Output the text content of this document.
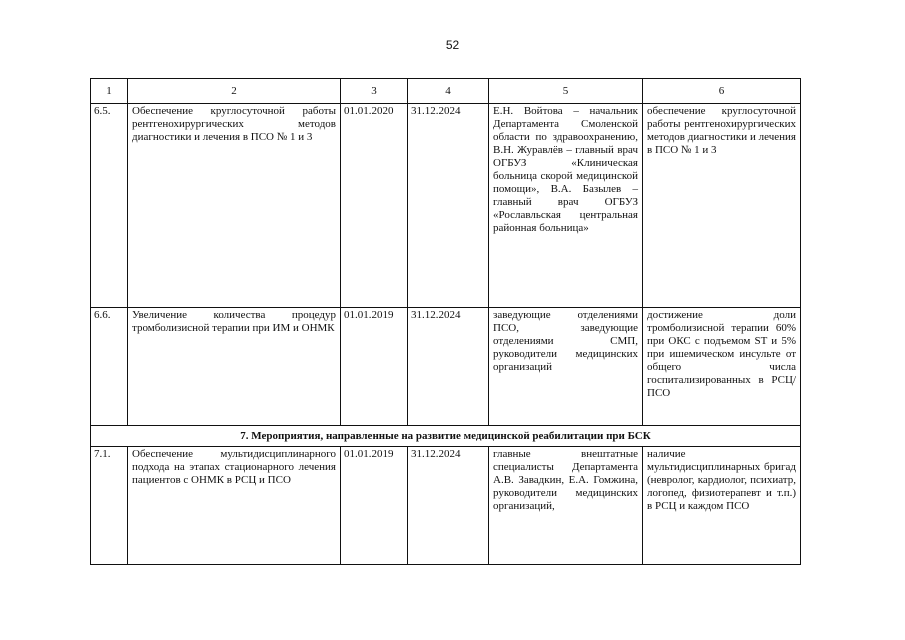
52
1	2	3	4	5	6
6.5.	Обеспечение круглосуточной работы рентгенохирургических методов диагностики и лечения в ПСО № 1 и 3	01.01.2020	31.12.2024	Е.Н. Войтова – начальник Департамента Смоленской области по здравоохранению, В.Н. Журавлёв – главный врач ОГБУЗ «Клиническая больница скорой медицинской помощи», В.А. Базылев – главный врач ОГБУЗ «Рославльская центральная районная больница»	обеспечение круглосуточной работы рентгенохирургических методов диагностики и лечения в ПСО № 1 и 3
6.6.	Увеличение количества процедур тромболизисной терапии при ИМ и ОНМК	01.01.2019	31.12.2024	заведующие отделениями ПСО, заведующие отделениями СМП, руководители медицинских организаций	достижение доли тромболизисной терапии 60% при ОКС с подъемом ST и 5% при ишемическом инсульте от общего числа госпитализированных в РСЦ/ПСО
7. Мероприятия, направленные на развитие медицинской реабилитации при БСК					
7.1.	Обеспечение мультидисциплинарного подхода на этапах стационарного лечения пациентов с ОНМК в РСЦ и ПСО	01.01.2019	31.12.2024	главные внештатные специалисты Департамента А.В. Завадкин, Е.А. Гомжина, руководители медицинских организаций,	наличие мультидисциплинарных бригад (невролог, кардиолог, психиатр, логопед, физиотерапевт и т.п.) в РСЦ и каждом ПСО
